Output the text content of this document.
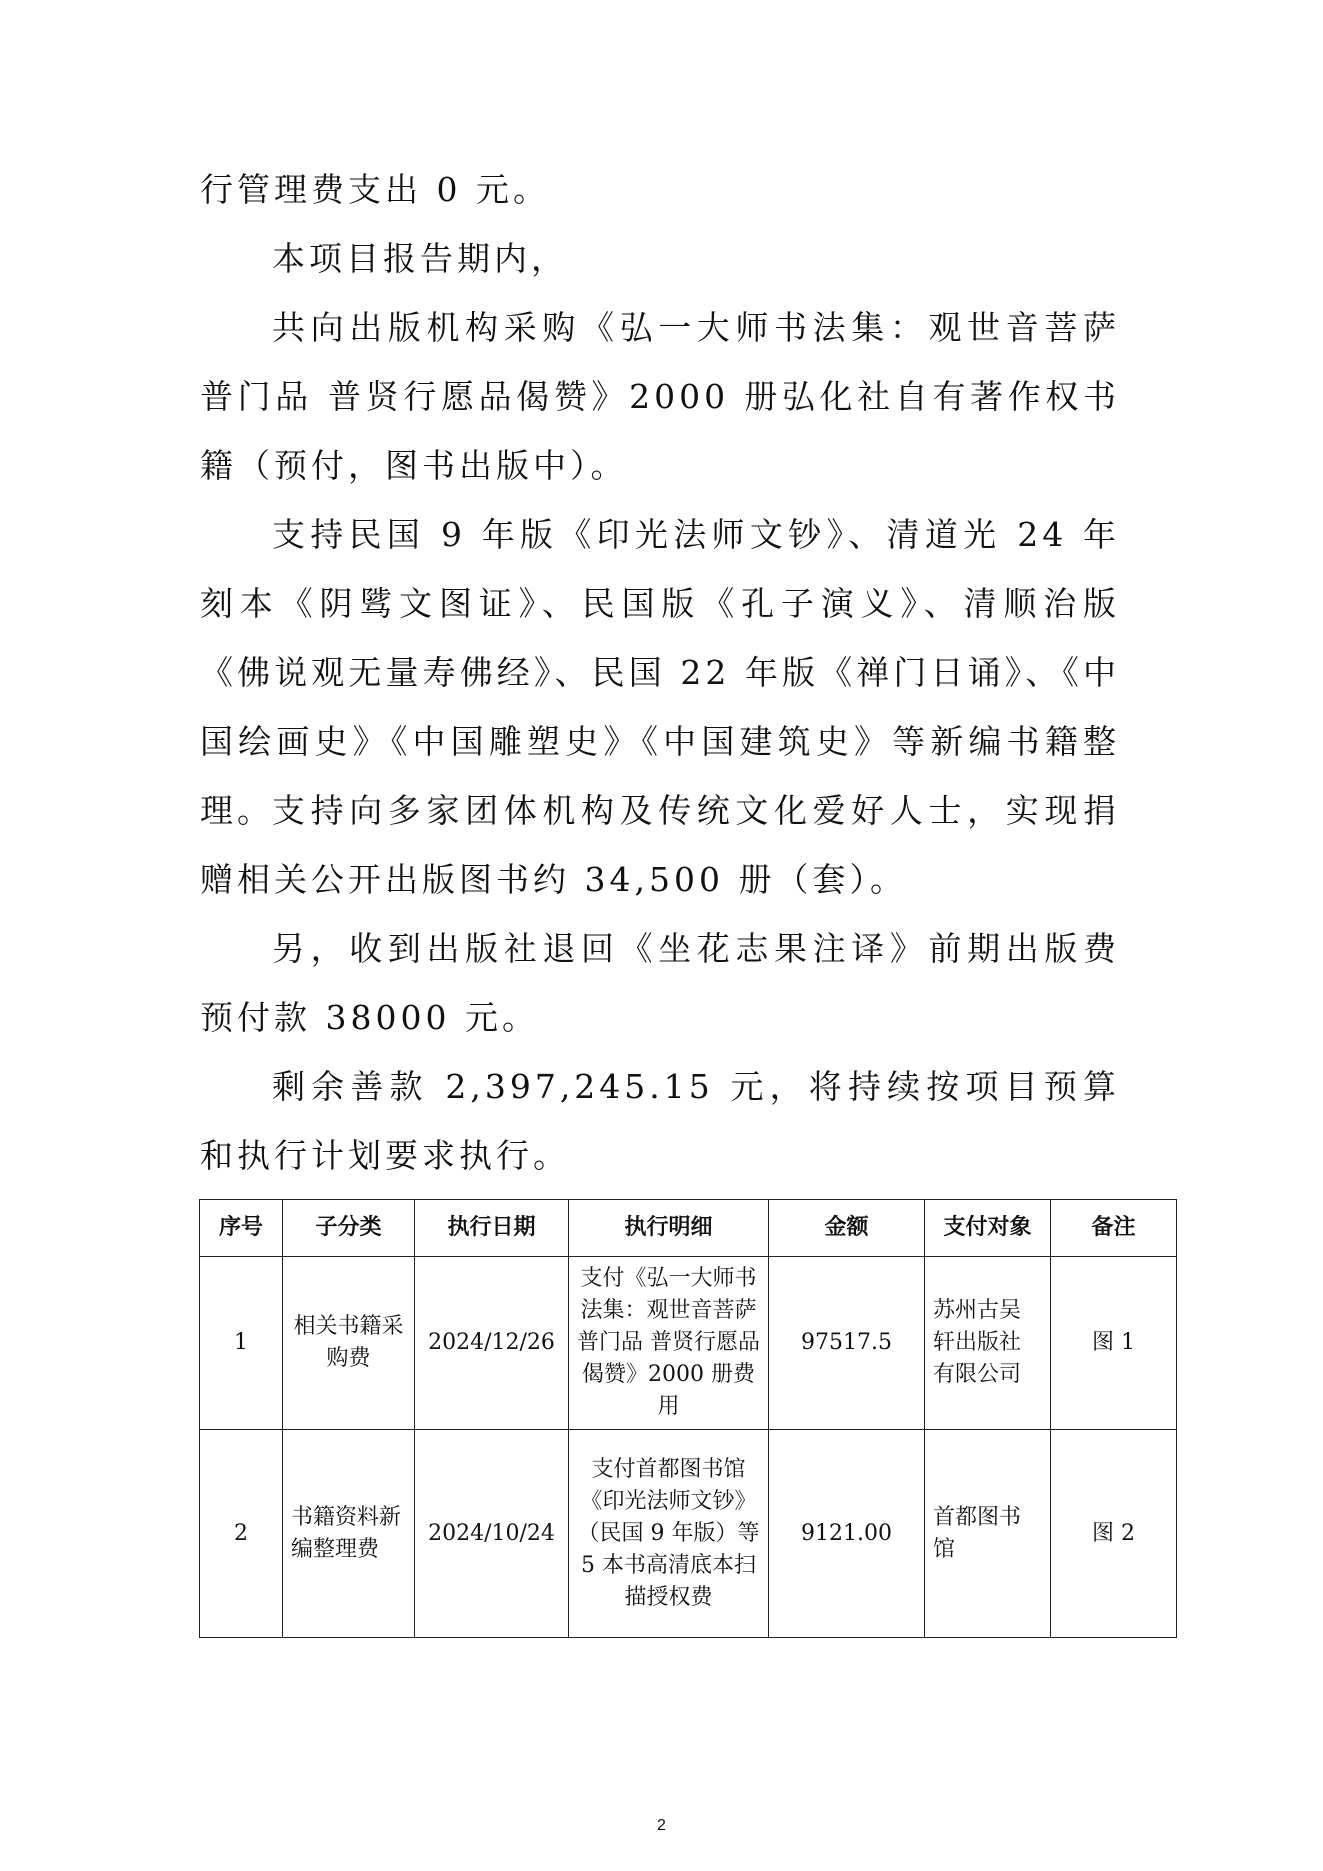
行管理费支出 0 元。

本项目报告期内，

共向出版机构采购《弘一大师书法集：观世音菩萨普门品 普贤行愿品偈赞》2000 册弘化社自有著作权书籍（预付，图书出版中）。

支持民国 9 年版《印光法师文钞》、清道光 24 年刻本《阴骘文图证》、民国版《孔子演义》、清顺治版《佛说观无量寿佛经》、民国 22 年版《禅门日诵》、《中国绘画史》《中国雕塑史》《中国建筑史》等新编书籍整理。

支持向多家团体机构及传统文化爱好人士，实现捐赠相关公开出版图书约 34,500 册（套）。

另，收到出版社退回《坐花志果注译》前期出版费预付款 38000 元。

剩余善款 2,397,245.15 元，将持续按项目预算和执行计划要求执行。

序号	子分类	执行日期	执行明细	金额	支付对象	备注
1	相关书籍采购费	2024/12/26	支付《弘一大师书法集：观世音菩萨普门品 普贤行愿品偈赞》2000 册费用	97517.5	苏州古吴轩出版社有限公司	图 1
2	书籍资料新编整理费	2024/10/24	支付首都图书馆《印光法师文钞》（民国 9 年版）等 5 本书高清底本扫描授权费	9121.00	首都图书馆	图 2
2
